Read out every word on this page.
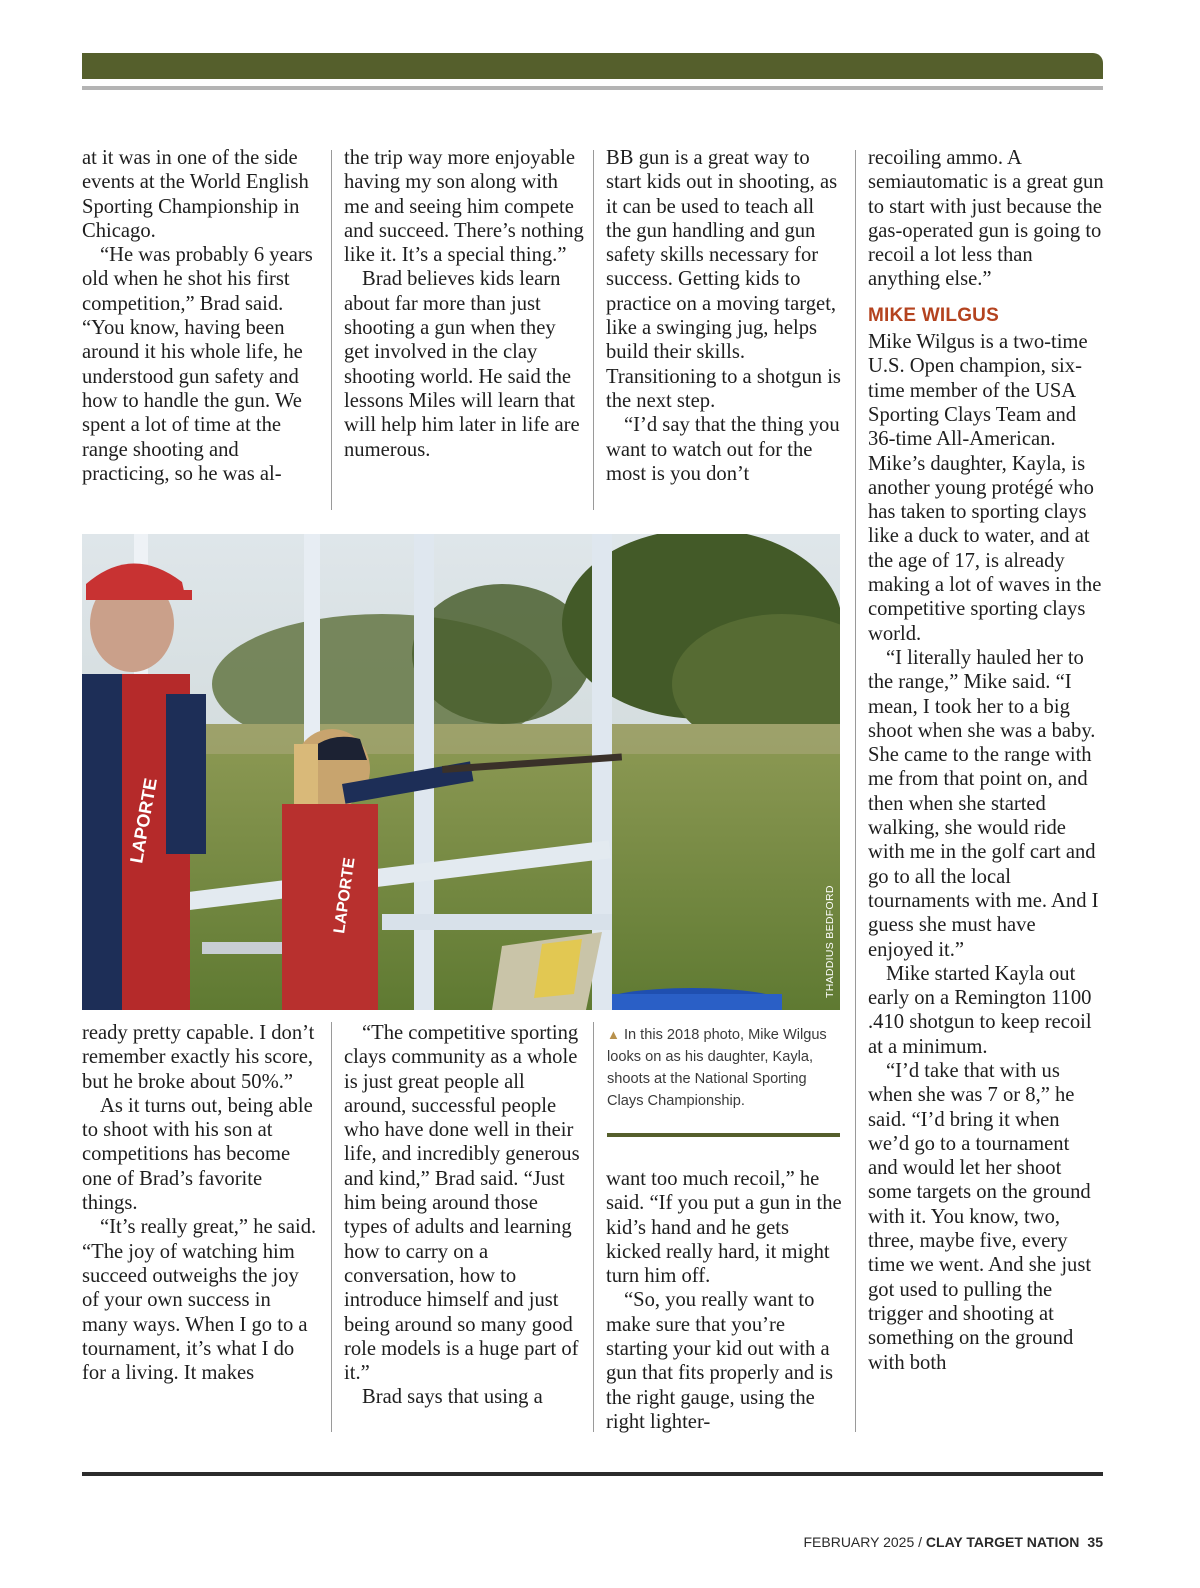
at it was in one of the side events at the World English Sporting Championship in Chicago.

“He was probably 6 years old when he shot his first competition,” Brad said. “You know, having been around it his whole life, he understood gun safety and how to handle the gun. We spent a lot of time at the range shooting and practicing, so he was al-

the trip way more enjoyable having my son along with me and seeing him compete and succeed. There’s nothing like it. It’s a special thing.”

Brad believes kids learn about far more than just shooting a gun when they get involved in the clay shooting world. He said the lessons Miles will learn that will help him later in life are numerous.

BB gun is a great way to start kids out in shooting, as it can be used to teach all the gun handling and gun safety skills necessary for success. Getting kids to practice on a moving target, like a swinging jug, helps build their skills. Transitioning to a shotgun is the next step.

“I’d say that the thing you want to watch out for the most is you don’t

recoiling ammo. A semiautomatic is a great gun to start with just because the gas-operated gun is going to recoil a lot less than anything else.”

MIKE WILGUS

Mike Wilgus is a two-time U.S. Open champion, six-time member of the USA Sporting Clays Team and 36-time All-American. Mike’s daughter, Kayla, is another young protégé who has taken to sporting clays like a duck to water, and at the age of 17, is already making a lot of waves in the competitive sporting clays world.

“I literally hauled her to the range,” Mike said. “I mean, I took her to a big shoot when she was a baby. She came to the range with me from that point on, and then when she started walking, she would ride with me in the golf cart and go to all the local tournaments with me. And I guess she must have enjoyed it.”

Mike started Kayla out early on a Remington 1100 .410 shotgun to keep recoil at a minimum.

“I’d take that with us when she was 7 or 8,” he said. “I’d bring it when we’d go to a tournament and would let her shoot some targets on the ground with it. You know, two, three, maybe five, every time we went. And she just got used to pulling the trigger and shooting at something on the ground with both

LAPORTE
LAPORTE	THADDIUS BEDFORD
▲ In this 2018 photo, Mike Wilgus looks on as his daughter, Kayla, shoots at the National Sporting Clays Championship.

ready pretty capable. I don’t remember exactly his score, but he broke about 50%.”

As it turns out, being able to shoot with his son at competitions has become one of Brad’s favorite things.

“It’s really great,” he said. “The joy of watching him succeed outweighs the joy of your own success in many ways. When I go to a tournament, it’s what I do for a living. It makes

“The competitive sporting clays community as a whole is just great people all around, successful people who have done well in their life, and incredibly generous and kind,” Brad said. “Just him being around those types of adults and learning how to carry on a conversation, how to introduce himself and just being around so many good role models is a huge part of it.”

Brad says that using a

want too much recoil,” he said. “If you put a gun in the kid’s hand and he gets kicked really hard, it might turn him off.

“So, you really want to make sure that you’re starting your kid out with a gun that fits properly and is the right gauge, using the right lighter-

FEBRUARY 2025 / CLAY TARGET NATION 35
